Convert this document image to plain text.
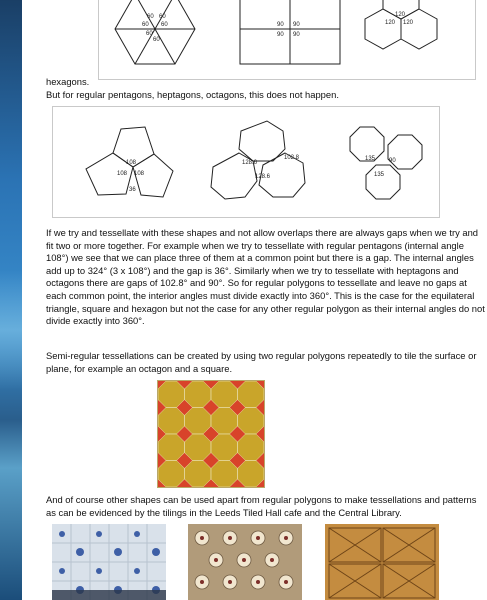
60 60
60 60
60
60
90 90
90 90
120
120 120

hexagons.

But for regular pentagons, heptagons, octagons, this does not happen.

108
108 108
36
128.6
128.6
102.8	135 90
135

If we try and tessellate with these shapes and not allow overlaps there are always gaps when we try and fit two or more together. For example when we try to tessellate with regular pentagons (internal angle 108°) we see that we can place three of them at a common point but there is a gap. The internal angles add up to 324° (3 x 108°) and the gap is 36°. Similarly when we try to tessellate with heptagons and octagons there are gaps of 102.8° and 90°. So for regular polygons to tessellate and leave no gaps at each common point, the interior angles must divide exactly into 360°. This is the case for the equilateral triangle, square and hexagon but not the case for any other regular polygon as their internal angles do not divide exactly into 360°.

Semi-regular tessellations can be created by using two regular polygons repeatedly to tile the surface or plane, for example an octagon and a square.

And of course other shapes can be used apart from regular polygons to make tessellations and patterns as can be evidenced by the tilings in the Leeds Tiled Hall cafe and the Central Library.
